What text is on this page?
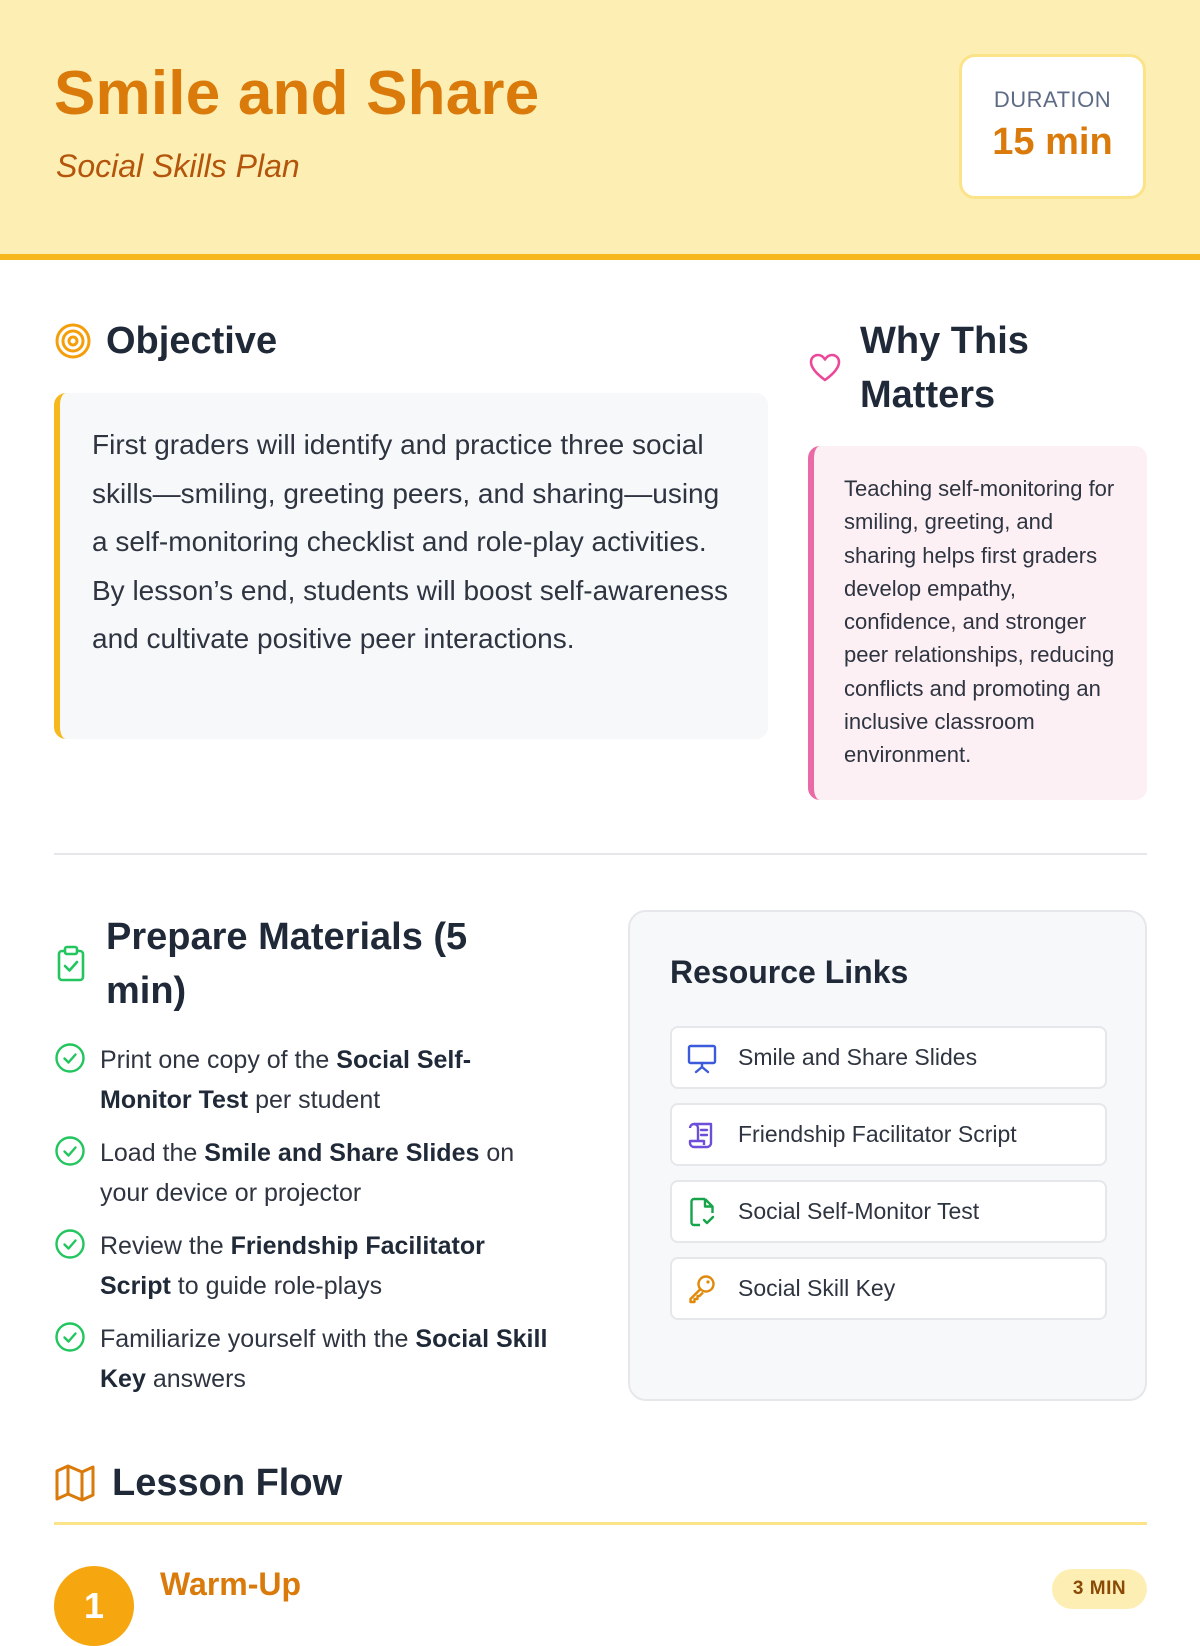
Smile and Share
Social Skills Plan
DURATION
15 min
Objective

First graders will identify and practice three social skills—smiling, greeting peers, and sharing—using a self-monitoring checklist and role-play activities. By lesson’s end, students will boost self-awareness and cultivate positive peer interactions.

Why This
Matters

Teaching self-monitoring for smiling, greeting, and sharing helps first graders develop empathy, confidence, and stronger peer relationships, reducing conflicts and promoting an inclusive classroom environment.

Prepare Materials (5
min)
Print one copy of the Social Self-Monitor Test per student
Load the Smile and Share Slides on your device or projector
Review the Friendship Facilitator Script to guide role-plays
Familiarize yourself with the Social Skill Key answers
Resource Links
Smile and Share Slides
Friendship Facilitator Script
Social Self-Monitor Test
Social Skill Key
Lesson Flow
1
Warm-Up	3 MIN
